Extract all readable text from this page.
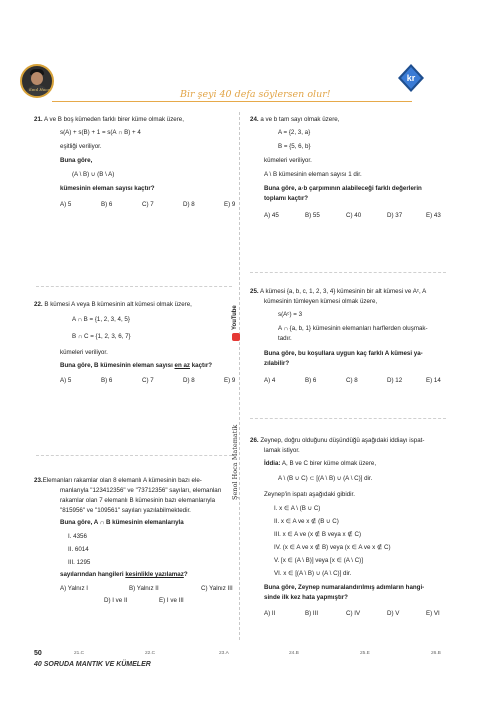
Sınıl Hoca	Bir şeyi 40 defa söylersen olur!
kr
Şenol Hoca Matematik
YouTube
21. A ve B boş kümeden farklı birer küme olmak üzere,
s(A) + s(B) + 1 = s(A ∩ B) + 4
eşitliği veriliyor.
Buna göre,
(A \ B) ∪ (B \ A)
kümesinin eleman sayısı kaçtır?
A) 5	B) 6	C) 7	D) 8	E) 9
22. B kümesi A veya B kümesinin alt kümesi olmak üzere,
A ∩ B = {1, 2, 3, 4, 5}
B ∩ C = {1, 2, 3, 6, 7}
kümeleri veriliyor.
Buna göre, B kümesinin eleman sayısı en az kaçtır?
A) 5	B) 6	C) 7	D) 8	E) 9
23.Elemanları rakamlar olan 8 elemanlı A kümesinin bazı ele-
manlarıyla "123412356" ve "73712356" sayıları, elemanları
rakamlar olan 7 elemanlı B kümesinin bazı elemanlarıyla
"815956" ve "109561" sayıları yazılabilmektedir.
Buna göre, A ∩ B kümesinin elemanlarıyla
I. 4356
II. 6014
III. 1295
sayılarından hangileri kesinlikle yazılamaz?
A) Yalnız I	B) Yalnız II	C) Yalnız III
D) I ve II	E) I ve III
24. a ve b tam sayı olmak üzere,
A = {2, 3, a}
B = {5, 6, b}
kümeleri veriliyor.
A \ B kümesinin eleman sayısı 1 dir.
Buna göre, a·b çarpımının alabileceği farklı değerlerin
toplamı kaçtır?
A) 45	B) 55	C) 40	D) 37	E) 43
25. A kümesi {a, b, c, 1, 2, 3, 4} kümesinin bir alt kümesi ve Aᶜ, A
kümesinin tümleyen kümesi olmak üzere,
s(Aᶜ) = 3
A ∩ {a, b, 1} kümesinin elemanları harflerden oluşmak-
tadır.
Buna göre, bu koşullara uygun kaç farklı A kümesi ya-
zılabilir?
A) 4	B) 6	C) 8	D) 12	E) 14
26. Zeynep, doğru olduğunu düşündüğü aşağıdaki iddiayı ispat-
lamak istiyor.
İddia: A, B ve C birer küme olmak üzere,
A \ (B ∪ C) ⊂ [(A \ B) ∪ (A \ C)] dir.
Zeynep'in ispatı aşağıdaki gibidir.
I. x ∈ A \ (B ∪ C)
II. x ∈ A ve x ∉ (B ∪ C)
III. x ∈ A ve (x ∉ B veya x ∉ C)
IV. (x ∈ A ve x ∉ B) veya (x ∈ A ve x ∉ C)
V. [x ∈ (A \ B)] veya [x ∈ (A \ C)]
VI. x ∈ [(A \ B) ∪ (A \ C)] dir.
Buna göre, Zeynep numaralandırılmış adımların hangi-
sinde ilk kez hata yapmıştır?
A) II	B) III	C) IV	D) V	E) VI
50
40 SORUDA MANTIK VE KÜMELER
21.C	22.C	23.A	24.B	25.E	26.B
